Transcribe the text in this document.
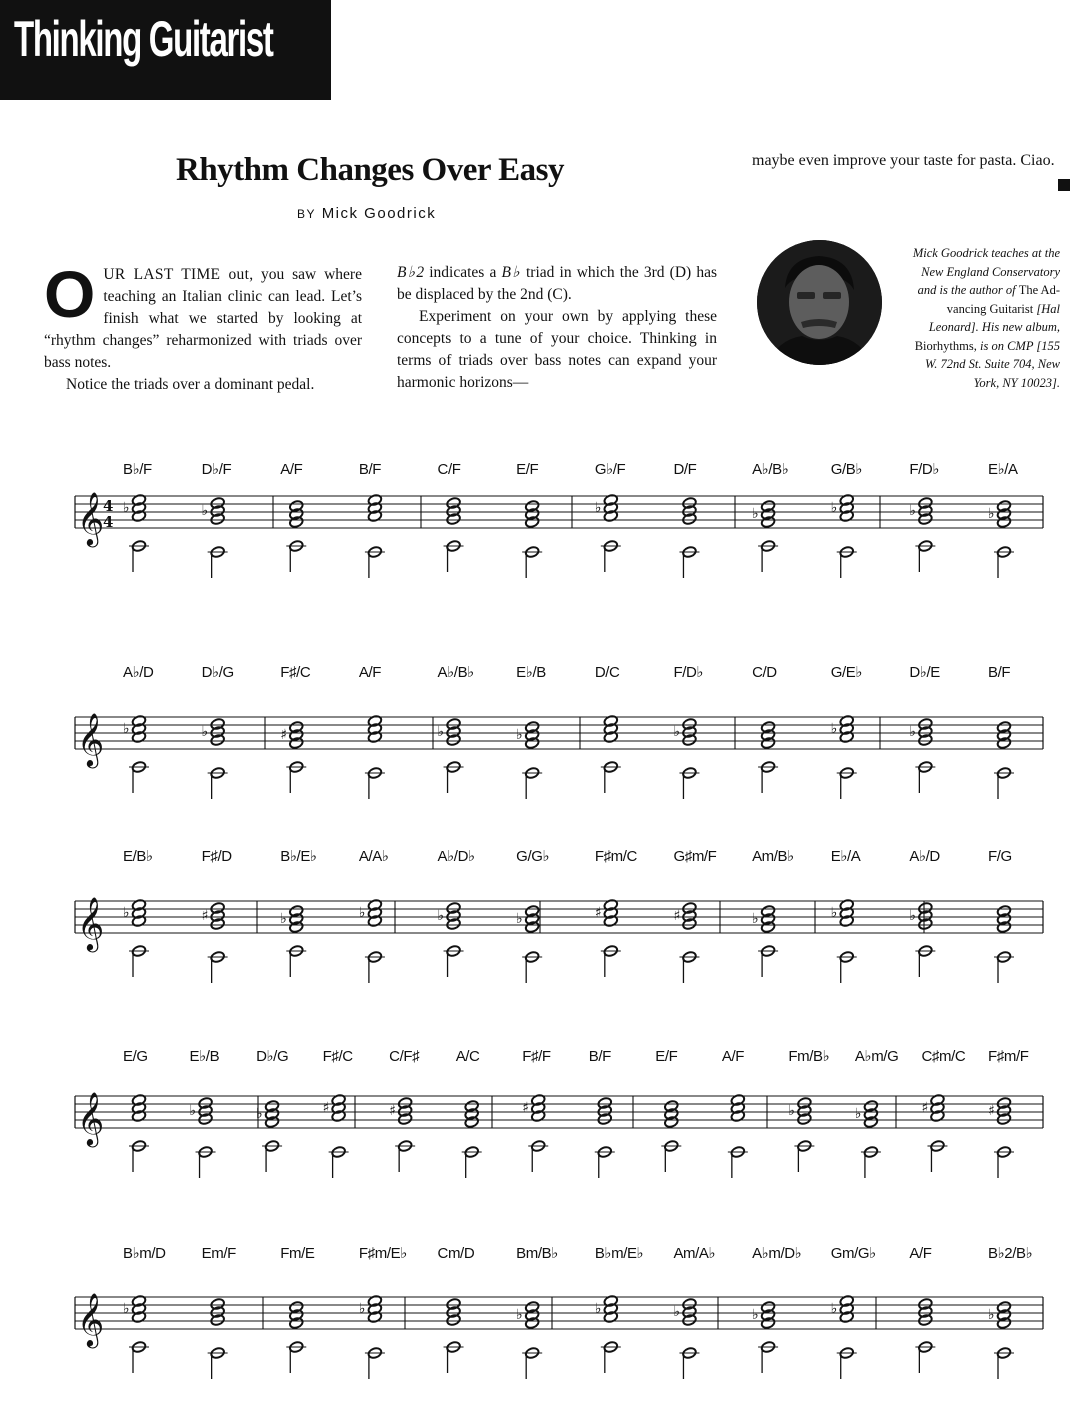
Thinking Guitarist
Rhythm Changes Over Easy
BY Mick Goodrick

OUR LAST TIME out, you saw where teaching an Italian clinic can lead. Let’s finish what we started by looking at “rhythm changes” reharmonized with triads over bass notes.

Notice the triads over a dominant pedal.

B♭2 indicates a B♭ triad in which the 3rd (D) has be displaced by the 2nd (C).

Experiment on your own by applying these concepts to a tune of your choice. Thinking in terms of triads over bass notes can expand your harmonic horizons—

maybe even improve your taste for pasta. Ciao.

Mick Goodrick teaches at the
New England Conservatory
and is the author of The Ad-
vancing Guitarist [Hal
Leonard]. His new album,
Biorhythms, is on CMP [155
W. 72nd St. Suite 704, New
York, NY 10023].
𝄞
4
4
B♭/F
♭
D♭/F
♭
A/F	B/F	C/F	E/F	G♭/F
♭
D/F	A♭/B♭
♭
G/B♭
♭
F/D♭
♭
E♭/A
♭
𝄞
A♭/D
♭
D♭/G
♭
F♯/C
♯
A/F	A♭/B♭
♭
E♭/B
♭
D/C	F/D♭
♭
C/D	G/E♭
♭
D♭/E
♭
B/F
𝄞
E/B♭
♭
F♯/D
♯
B♭/E♭
♭
A/A♭
♭
A♭/D♭
♭
G/G♭
♭
F♯m/C
♯
G♯m/F
♯
Am/B♭
♭
E♭/A
♭
A♭/D
♭
F/G
𝄞
E/G	E♭/B
♭
D♭/G
♭
F♯/C
♯
C/F♯
♯
A/C	F♯/F
♯
B/F	E/F	A/F	Fm/B♭
♭
A♭m/G
♭
C♯m/C
♯
F♯m/F
♯
𝄞
B♭m/D
♭
Em/F	Fm/E	F♯m/E♭
♭
Cm/D	Bm/B♭
♭
B♭m/E♭
♭
Am/A♭
♭
A♭m/D♭
♭
Gm/G♭
♭
A/F	B♭2/B♭
♭
